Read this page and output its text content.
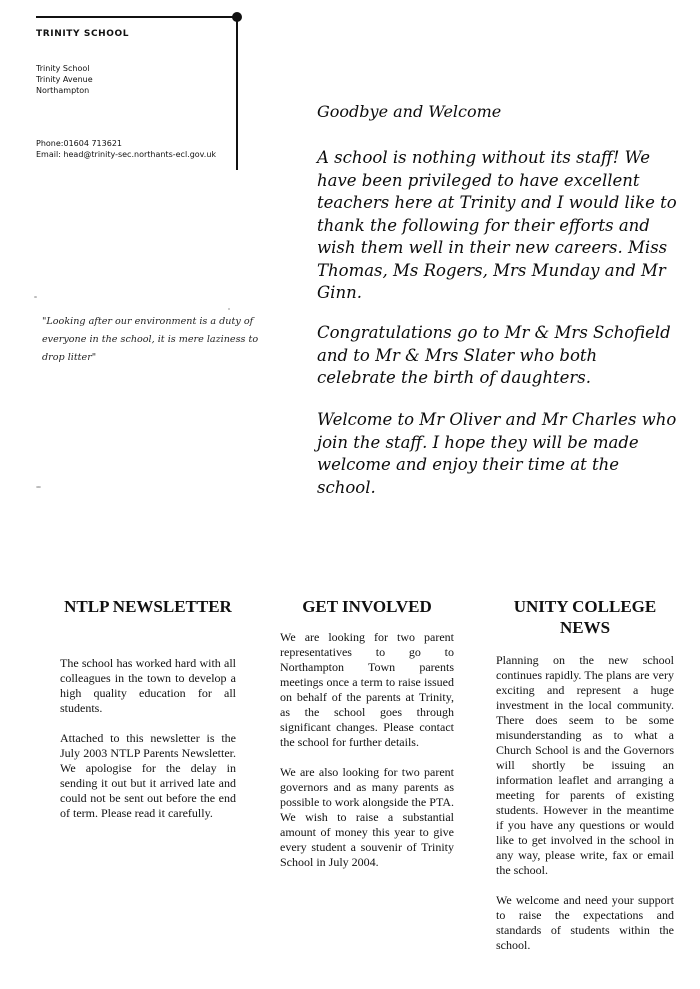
TRINITY SCHOOL
Trinity School
Trinity Avenue
Northampton
Phone:01604 713621
Email: head@trinity-sec.northants-ecl.gov.uk
"Looking after our environment is a duty of everyone in the school, it is mere laziness to drop litter"
Goodbye and Welcome
A school is nothing without its staff! We have been privileged to have excellent teachers here at Trinity and I would like to thank the following for their efforts and wish them well in their new careers. Miss Thomas, Ms Rogers, Mrs Munday and Mr Ginn.
Congratulations go to Mr & Mrs Schofield and to Mr & Mrs Slater who both celebrate the birth of daughters.
Welcome to Mr Oliver and Mr Charles who join the staff. I hope they will be made welcome and enjoy their time at the school.
NTLP NEWSLETTER

The school has worked hard with all colleagues in the town to develop a high quality education for all students.

Attached to this newsletter is the July 2003 NTLP Parents Newsletter. We apologise for the delay in sending it out but it arrived late and could not be sent out before the end of term. Please read it carefully.

GET INVOLVED

We are looking for two parent representatives to go to Northampton Town parents meetings once a term to raise issued on behalf of the parents at Trinity, as the school goes through significant changes. Please contact the school for further details.

We are also looking for two parent governors and as many parents as possible to work alongside the PTA. We wish to raise a substantial amount of money this year to give every student a souvenir of Trinity School in July 2004.

UNITY COLLEGE NEWS

Planning on the new school continues rapidly. The plans are very exciting and represent a huge investment in the local community. There does seem to be some misunderstanding as to what a Church School is and the Governors will shortly be issuing an information leaflet and arranging a meeting for parents of existing students. However in the meantime if you have any questions or would like to get involved in the school in any way, please write, fax or email the school.

We welcome and need your support to raise the expectations and standards of students within the school.
